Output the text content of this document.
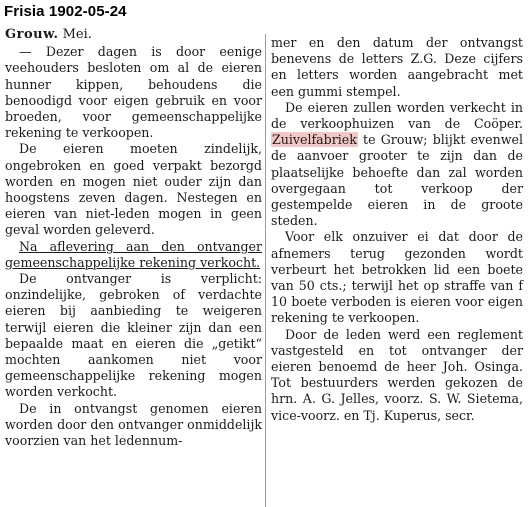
Frisia 1902-05-24

Grouw. Mei.

— Dezer dagen is door eenige veehouders besloten om al de eieren hunner kippen, behoudens die benoodigd voor eigen gebruik en voor broeden, voor gemeenschappelijke rekening te verkoopen.

De eieren moeten zindelijk, ongebroken en goed verpakt bezorgd worden en mogen niet ouder zijn dan hoogstens zeven dagen. Nestegen en eieren van niet-leden mogen in geen geval worden geleverd.

Na aflevering aan den ontvanger gemeenschappelijke rekening verkocht.

De ontvanger is verplicht: onzindelijke, gebroken of verdachte eieren bij aanbieding te weigeren terwijl eieren die kleiner zijn dan een bepaalde maat en eieren die „getikt“ mochten aankomen niet voor gemeenschappelijke rekening mogen worden verkocht.

De in ontvangst genomen eieren worden door den ontvanger onmiddelijk voorzien van het ledennum-

mer en den datum der ontvangst benevens de letters Z.G. Deze cijfers en letters worden aangebracht met een gummi stempel.

De eieren zullen worden verkecht in de verkoophuizen van de Coöper. Zuivelfabriek te Grouw; blijkt evenwel de aanvoer grooter te zijn dan de plaatselijke behoefte dan zal worden overgegaan tot verkoop der gestempelde eieren in de groote steden.

Voor elk onzuiver ei dat door de afnemers terug gezonden wordt verbeurt het betrokken lid een boete van 50 cts.; terwijl het op straffe van f 10 boete verboden is eieren voor eigen rekening te verkoopen.

Door de leden werd een reglement vastgesteld en tot ontvanger der eieren benoemd de heer Joh. Osinga. Tot bestuurders werden gekozen de hrn. A. G. Jelles, voorz. S. W. Sietema, vice-voorz. en Tj. Kuperus, secr.
